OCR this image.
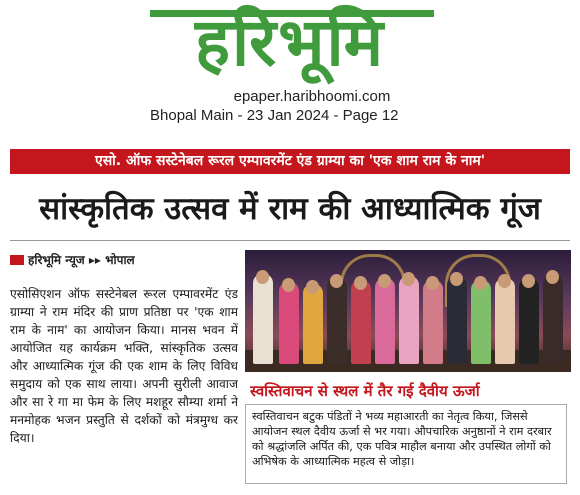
हरिभूमि
epaper.haribhoomi.com
Bhopal Main - 23 Jan 2024 - Page 12
एसो. ऑफ सस्टेनेबल रूरल एम्पावरमेंट एंड ग्राम्या का 'एक शाम राम के नाम'
सांस्कृतिक उत्सव में राम की आध्यात्मिक गूंज
हरिभूमि न्यूज ▸▸ भोपाल
एसोसिएशन ऑफ सस्टेनेबल रूरल एम्पावरमेंट एंड ग्राम्या ने राम मंदिर की प्राण प्रतिष्ठा पर 'एक शाम राम के नाम' का आयोजन किया। मानस भवन में आयोजित यह कार्यक्रम भक्ति, सांस्कृतिक उत्सव और आध्यात्मिक गूंज की एक शाम के लिए विविध समुदाय को एक साथ लाया। अपनी सुरीली आवाज और सा रे गा मा फेम के लिए मशहूर सौम्या शर्मा ने मनमोहक भजन प्रस्तुति से दर्शकों को मंत्रमुग्ध कर दिया।
स्वस्तिवाचन से स्थल में तैर गई दैवीय ऊर्जा
स्वस्तिवाचन बटुक पंडितों ने भव्य महाआरती का नेतृत्व किया, जिससे आयोजन स्थल दैवीय ऊर्जा से भर गया। औपचारिक अनुष्ठानों ने राम दरबार को श्रद्धांजलि अर्पित की, एक पवित्र माहौल बनाया और उपस्थित लोगों को अभिषेक के आध्यात्मिक महत्व से जोड़ा।
